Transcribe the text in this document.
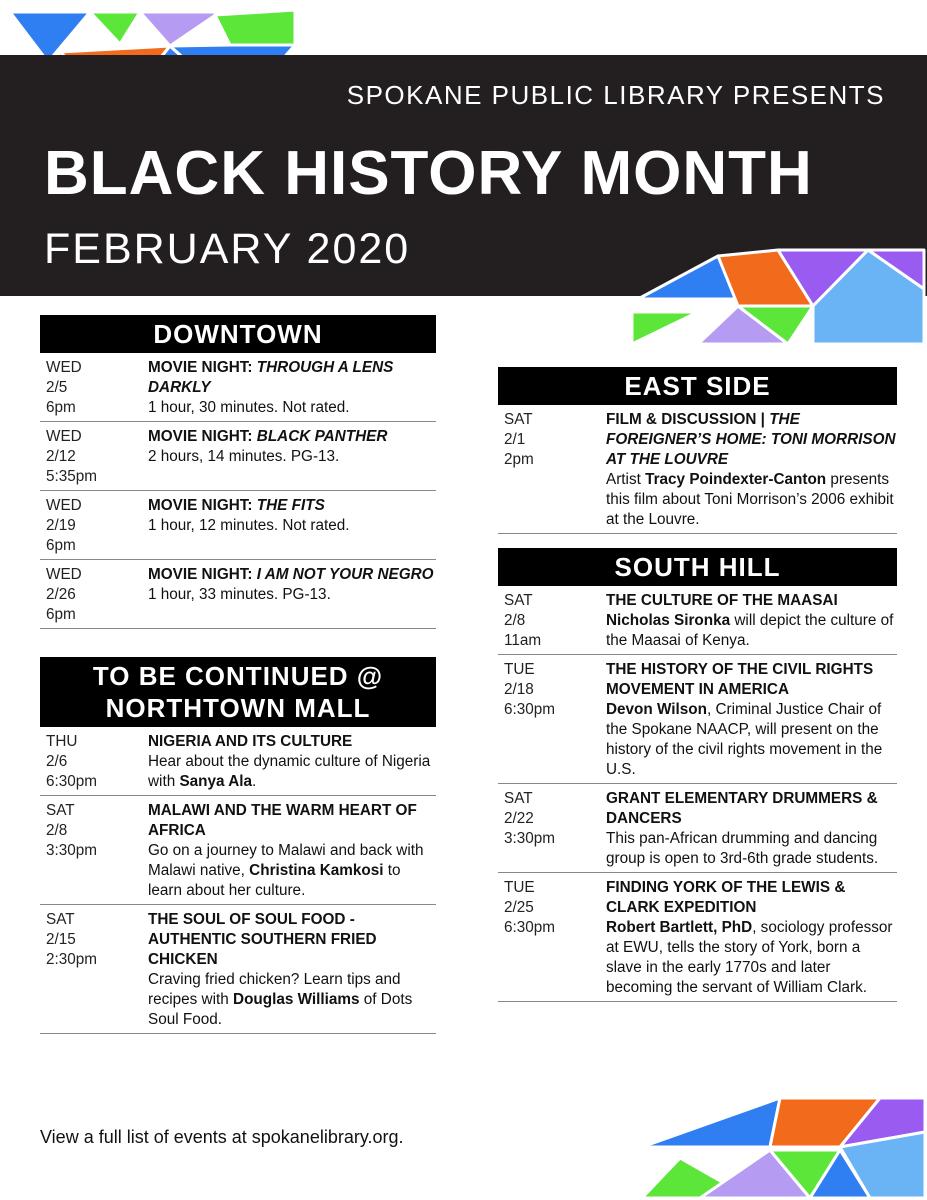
SPOKANE PUBLIC LIBRARY PRESENTS
BLACK HISTORY MONTH
FEBRUARY 2020
DOWNTOWN
WED
2/5
6pm
MOVIE NIGHT: THROUGH A LENS DARKLY
1 hour, 30 minutes. Not rated.
WED
2/12
5:35pm
MOVIE NIGHT: BLACK PANTHER
2 hours, 14 minutes. PG-13.
WED
2/19
6pm
MOVIE NIGHT: THE FITS
1 hour, 12 minutes. Not rated.
WED
2/26
6pm
MOVIE NIGHT: I AM NOT YOUR NEGRO
1 hour, 33 minutes. PG-13.
TO BE CONTINUED @
NORTHTOWN MALL
THU
2/6
6:30pm
NIGERIA AND ITS CULTURE
Hear about the dynamic culture of Nigeria with Sanya Ala.
SAT
2/8
3:30pm
MALAWI AND THE WARM HEART OF AFRICA
Go on a journey to Malawi and back with Malawi native, Christina Kamkosi to learn about her culture.
SAT
2/15
2:30pm
THE SOUL OF SOUL FOOD - AUTHENTIC SOUTHERN FRIED CHICKEN
Craving fried chicken? Learn tips and recipes with Douglas Williams of Dots Soul Food.
EAST SIDE
SAT
2/1
2pm
FILM & DISCUSSION | THE FOREIGNER’S HOME: TONI MORRISON AT THE LOUVRE
Artist Tracy Poindexter-Canton presents this film about Toni Morrison’s 2006 exhibit at the Louvre.
SOUTH HILL
SAT
2/8
11am
THE CULTURE OF THE MAASAI
Nicholas Sironka will depict the culture of the Maasai of Kenya.
TUE
2/18
6:30pm
THE HISTORY OF THE CIVIL RIGHTS MOVEMENT IN AMERICA
Devon Wilson, Criminal Justice Chair of the Spokane NAACP, will present on the history of the civil rights movement in the U.S.
SAT
2/22
3:30pm
GRANT ELEMENTARY DRUMMERS & DANCERS
This pan-African drumming and dancing group is open to 3rd-6th grade students.
TUE
2/25
6:30pm
FINDING YORK OF THE LEWIS & CLARK EXPEDITION
Robert Bartlett, PhD, sociology professor at EWU, tells the story of York, born a slave in the early 1770s and later becoming the servant of William Clark.
View a full list of events at spokanelibrary.org.
